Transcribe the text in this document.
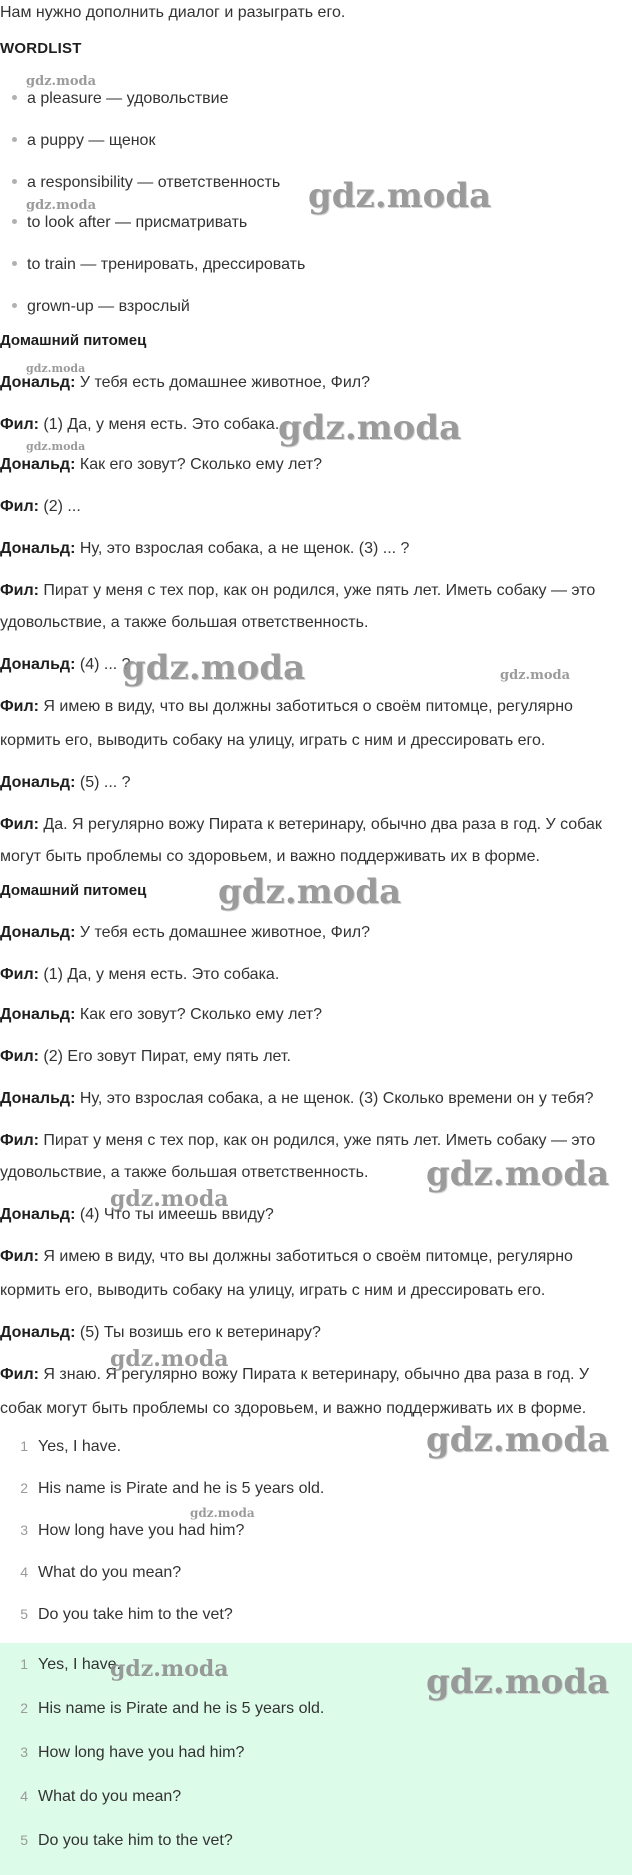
Нам нужно дополнить диалог и разыграть его.
WORDLIST
a pleasure — удовольствие
a puppy — щенок
a responsibility — ответственность
to look after — присматривать
to train — тренировать, дрессировать
grown-up — взрослый
Домашний питомец
Дональд: У тебя есть домашнее животное, Фил?
Фил: (1) Да, у меня есть. Это собака.
Дональд: Как его зовут? Сколько ему лет?
Фил: (2) ...
Дональд: Ну, это взрослая собака, а не щенок. (3) ... ?
Фил: Пират у меня с тех пор, как он родился, уже пять лет. Иметь собаку — это
удовольствие, а также большая ответственность.
Дональд: (4) ... ?
Фил: Я имею в виду, что вы должны заботиться о своём питомце, регулярно
кормить его, выводить собаку на улицу, играть с ним и дрессировать его.
Дональд: (5) ... ?
Фил: Да. Я регулярно вожу Пирата к ветеринару, обычно два раза в год. У собак
могут быть проблемы со здоровьем, и важно поддерживать их в форме.
Домашний питомец
Дональд: У тебя есть домашнее животное, Фил?
Фил: (1) Да, у меня есть. Это собака.
Дональд: Как его зовут? Сколько ему лет?
Фил: (2) Его зовут Пират, ему пять лет.
Дональд: Ну, это взрослая собака, а не щенок. (3) Сколько времени он у тебя?
Фил: Пират у меня с тех пор, как он родился, уже пять лет. Иметь собаку — это
удовольствие, а также большая ответственность.
Дональд: (4) Что ты имеешь ввиду?
Фил: Я имею в виду, что вы должны заботиться о своём питомце, регулярно
кормить его, выводить собаку на улицу, играть с ним и дрессировать его.
Дональд: (5) Ты возишь его к ветеринару?
Фил: Я знаю. Я регулярно вожу Пирата к ветеринару, обычно два раза в год. У
собак могут быть проблемы со здоровьем, и важно поддерживать их в форме.
1 Yes, I have.
2 His name is Pirate and he is 5 years old.
3 How long have you had him?
4 What do you mean?
5 Do you take him to the vet?
1 Yes, I have.
2 His name is Pirate and he is 5 years old.
3 How long have you had him?
4 What do you mean?
5 Do you take him to the vet?
gdz.moda
gdz.moda
gdz.moda
gdz.moda
gdz.moda
gdz.moda
gdz.moda	gdz.moda
gdz.moda
gdz.moda
gdz.moda
gdz.moda
gdz.moda
gdz.moda
gdz.moda	gdz.moda
